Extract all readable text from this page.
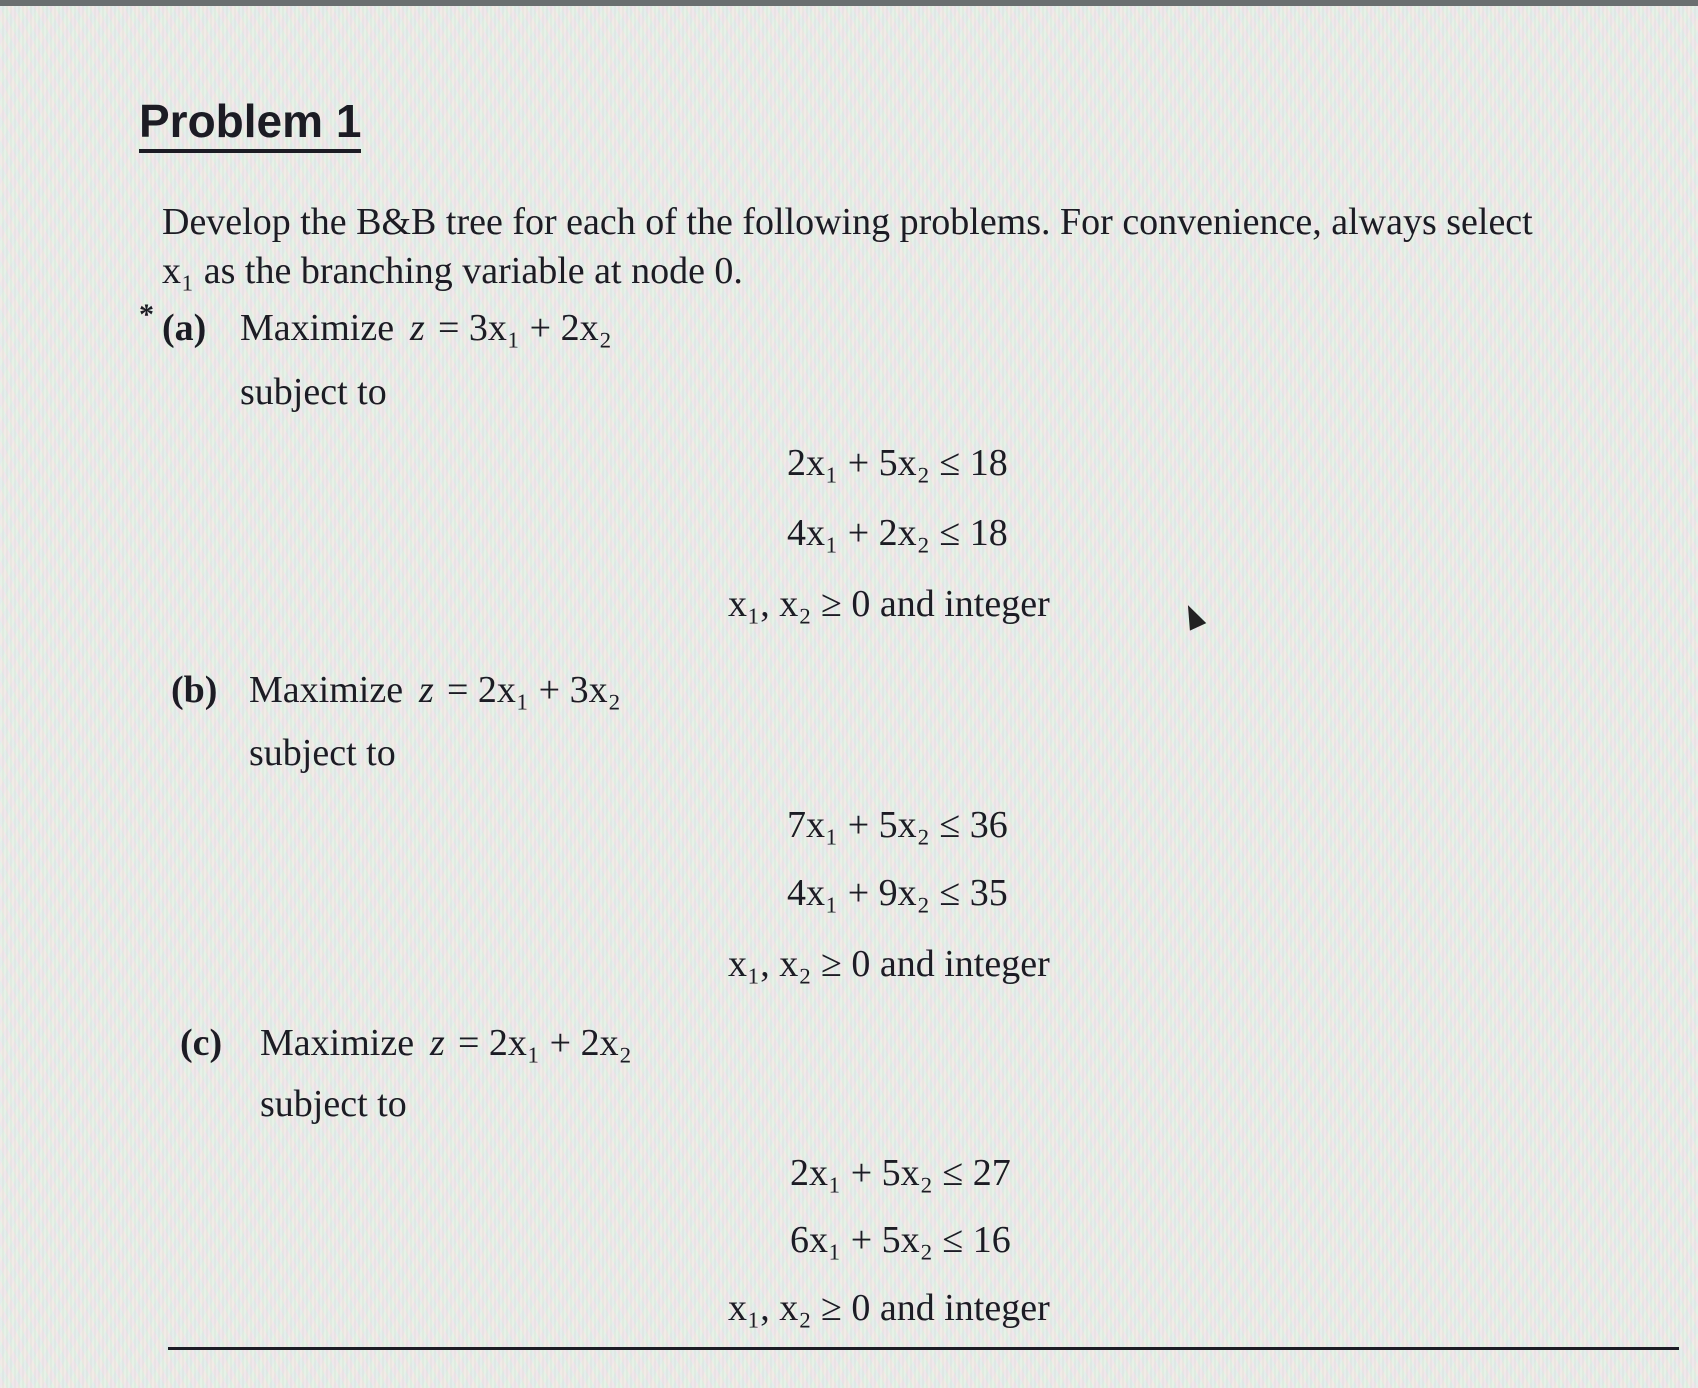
Problem 1
Develop the B&B tree for each of the following problems. For convenience, always select
x₁ as the branching variable at node 0.
* (a) Maximize z = 3x₁ + 2x₂
subject to
2x₁ + 5x₂ ≤ 18
4x₁ + 2x₂ ≤ 18
x₁, x₂ ≥ 0 and integer
(b) Maximize z = 2x₁ + 3x₂
subject to
7x₁ + 5x₂ ≤ 36
4x₁ + 9x₂ ≤ 35
x₁, x₂ ≥ 0 and integer
(c) Maximize z = 2x₁ + 2x₂
subject to
2x₁ + 5x₂ ≤ 27
6x₁ + 5x₂ ≤ 16
x₁, x₂ ≥ 0 and integer
